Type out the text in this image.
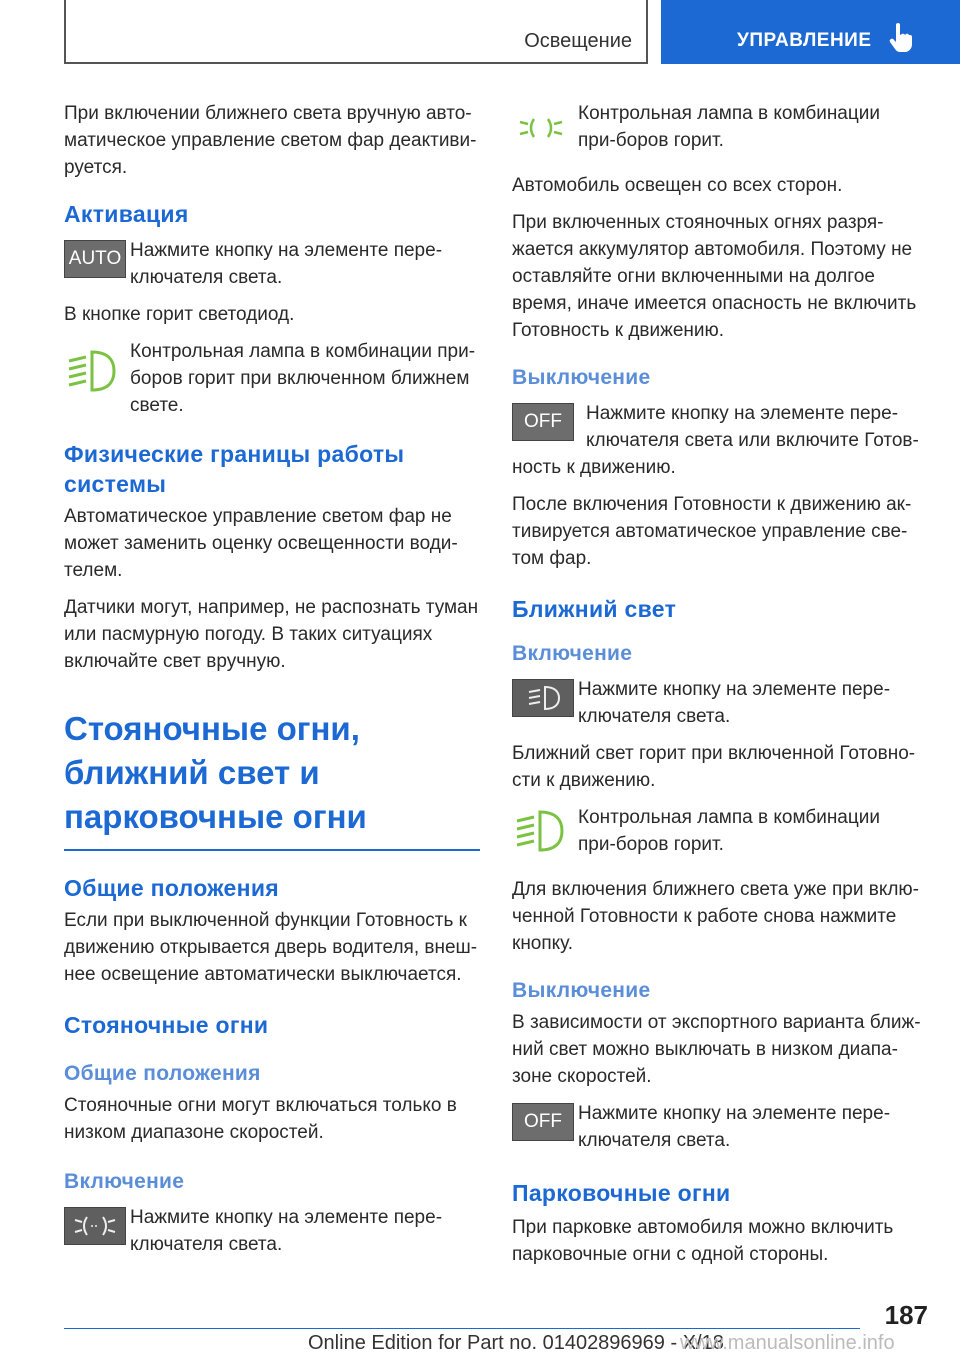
Освещение	УПРАВЛЕНИЕ

При включении ближнего света вручную авто-матическое управление светом фар деактиви-руется.

Активация
AUTO Нажмите кнопку на элементе пере-ключателя света.

В кнопке горит светодиод.

Контрольная лампа в комбинации при-боров горит при включенном ближнем свете.

Физические границы работы системы

Автоматическое управление светом фар не может заменить оценку освещенности води-телем.

Датчики могут, например, не распознать туман или пасмурную погоду. В таких ситуациях включайте свет вручную.

Стояночные огни, ближний свет и парковочные огни
Общие положения

Если при выключенной функции Готовность к движению открывается дверь водителя, внеш-нее освещение автоматически выключается.

Стояночные огни
Общие положения

Стояночные огни могут включаться только в низком диапазоне скоростей.

Включение

Нажмите кнопку на элементе пере-ключателя света.

Контрольная лампа в комбинации при-боров горит.

Автомобиль освещен со всех сторон.

При включенных стояночных огнях разря-жается аккумулятор автомобиля. Поэтому не оставляйте огни включенными на долгое время, иначе имеется опасность не включить Готовность к движению.

Выключение
OFF	Нажмите кнопку на элементе пере-ключателя света или включите Готов-ность к движению.

После включения Готовности к движению ак-тивируется автоматическое управление све-том фар.

Ближний свет
Включение

Нажмите кнопку на элементе пере-ключателя света.

Ближний свет горит при включенной Готовно-сти к движению.

Контрольная лампа в комбинации при-боров горит.

Для включения ближнего света уже при вклю-ченной Готовности к работе снова нажмите кнопку.

Выключение

В зависимости от экспортного варианта ближ-ний свет можно выключать в низком диапа-зоне скоростей.

OFF Нажмите кнопку на элементе пере-ключателя света.

Парковочные огни

При парковке автомобиля можно включить парковочные огни с одной стороны.

187
Online Edition for Part no. 01402896969 - X/18
www.manualsonline.info
